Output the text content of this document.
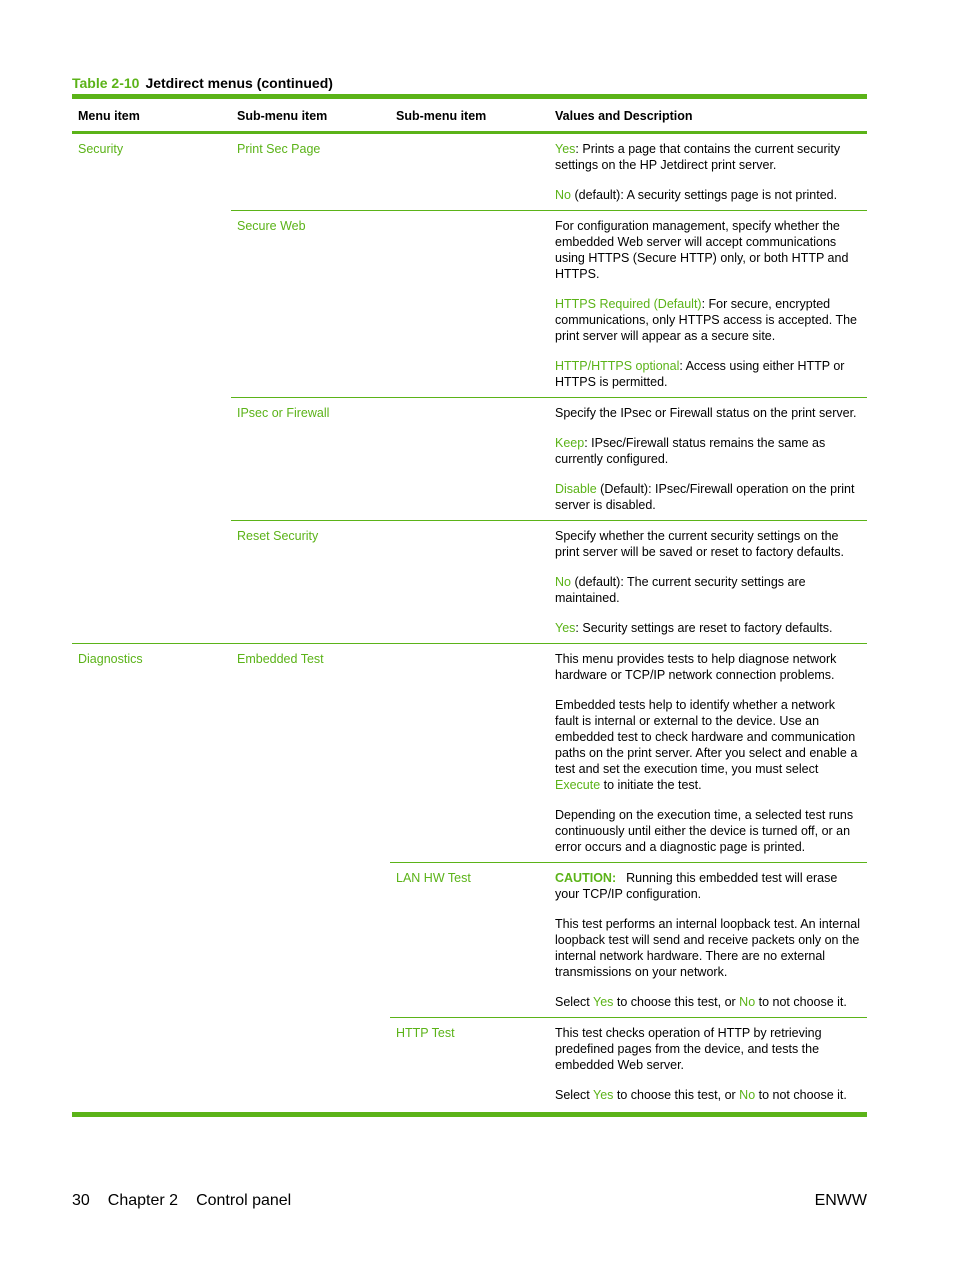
Table 2-10 Jetdirect menus (continued)
Menu item	Sub-menu item	Sub-menu item	Values and Description
Security	Print Sec Page		Yes: Prints a page that contains the current security settings on the HP Jetdirect print server.

No (default): A security settings page is not printed.

	Secure Web		For configuration management, specify whether the embedded Web server will accept communications using HTTPS (Secure HTTP) only, or both HTTP and HTTPS.

HTTPS Required (Default): For secure, encrypted communications, only HTTPS access is accepted. The print server will appear as a secure site.

HTTP/HTTPS optional: Access using either HTTP or HTTPS is permitted.

	IPsec or Firewall		Specify the IPsec or Firewall status on the print server.

Keep: IPsec/Firewall status remains the same as currently configured.

Disable (Default): IPsec/Firewall operation on the print server is disabled.

	Reset Security		Specify whether the current security settings on the print server will be saved or reset to factory defaults.

No (default): The current security settings are maintained.

Yes: Security settings are reset to factory defaults.

Diagnostics	Embedded Test		This menu provides tests to help diagnose network hardware or TCP/IP network connection problems.

Embedded tests help to identify whether a network fault is internal or external to the device. Use an embedded test to check hardware and communication paths on the print server. After you select and enable a test and set the execution time, you must select Execute to initiate the test.

Depending on the execution time, a selected test runs continuously until either the device is turned off, or an error occurs and a diagnostic page is printed.

		LAN HW Test	CAUTION: Running this embedded test will erase your TCP/IP configuration.

This test performs an internal loopback test. An internal loopback test will send and receive packets only on the internal network hardware. There are no external transmissions on your network.

Select Yes to choose this test, or No to not choose it.

		HTTP Test	This test checks operation of HTTP by retrieving predefined pages from the device, and tests the embedded Web server.

Select Yes to choose this test, or No to not choose it.

30 Chapter 2 Control panel	ENWW
